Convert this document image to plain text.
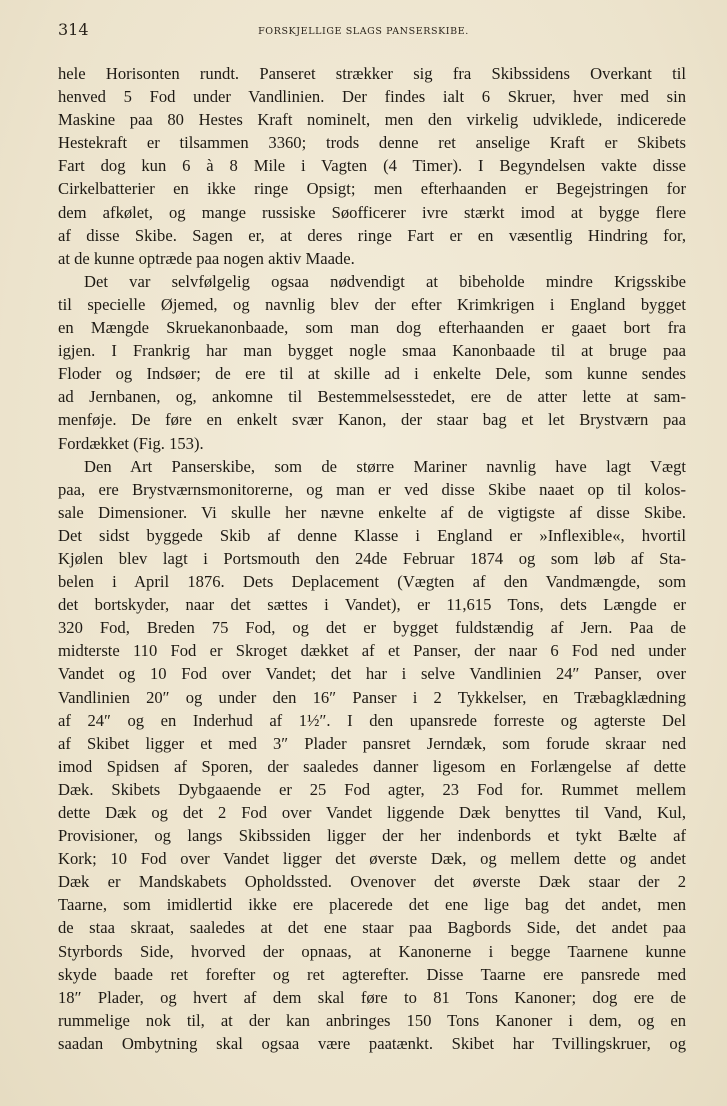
314	FORSKJELLIGE SLAGS PANSERSKIBE.
hele Horisonten rundt. Panseret strækker sig fra Skibssidens Overkant til
henved 5 Fod under Vandlinien. Der findes ialt 6 Skruer, hver med sin
Maskine paa 80 Hestes Kraft nominelt, men den virkelig udviklede, indicerede
Hestekraft er tilsammen 3360; trods denne ret anselige Kraft er Skibets
Fart dog kun 6 à 8 Mile i Vagten (4 Timer). I Begyndelsen vakte disse
Cirkelbatterier en ikke ringe Opsigt; men efterhaanden er Begejstringen for
dem afkølet, og mange russiske Søofficerer ivre stærkt imod at bygge flere
af disse Skibe. Sagen er, at deres ringe Fart er en væsentlig Hindring for,
at de kunne optræde paa nogen aktiv Maade.
Det var selvfølgelig ogsaa nødvendigt at bibeholde mindre Krigsskibe
til specielle Øjemed, og navnlig blev der efter Krimkrigen i England bygget
en Mængde Skruekanonbaade, som man dog efterhaanden er gaaet bort fra
igjen. I Frankrig har man bygget nogle smaa Kanonbaade til at bruge paa
Floder og Indsøer; de ere til at skille ad i enkelte Dele, som kunne sendes
ad Jernbanen, og, ankomne til Bestemmelsesstedet, ere de atter lette at sam-
menføje. De føre en enkelt svær Kanon, der staar bag et let Brystværn paa
Fordækket (Fig. 153).
Den Art Panserskibe, som de større Mariner navnlig have lagt Vægt
paa, ere Brystværnsmonitorerne, og man er ved disse Skibe naaet op til kolos-
sale Dimensioner. Vi skulle her nævne enkelte af de vigtigste af disse Skibe.
Det sidst byggede Skib af denne Klasse i England er »Inflexible«, hvortil
Kjølen blev lagt i Portsmouth den 24de Februar 1874 og som løb af Sta-
belen i April 1876. Dets Deplacement (Vægten af den Vandmængde, som
det bortskyder, naar det sættes i Vandet), er 11,615 Tons, dets Længde er
320 Fod, Breden 75 Fod, og det er bygget fuldstændig af Jern. Paa de
midterste 110 Fod er Skroget dækket af et Panser, der naar 6 Fod ned under
Vandet og 10 Fod over Vandet; det har i selve Vandlinien 24″ Panser, over
Vandlinien 20″ og under den 16″ Panser i 2 Tykkelser, en Træbagklædning
af 24″ og en Inderhud af 1½″. I den upansrede forreste og agterste Del
af Skibet ligger et med 3″ Plader pansret Jerndæk, som forude skraar ned
imod Spidsen af Sporen, der saaledes danner ligesom en Forlængelse af dette
Dæk. Skibets Dybgaaende er 25 Fod agter, 23 Fod for. Rummet mellem
dette Dæk og det 2 Fod over Vandet liggende Dæk benyttes til Vand, Kul,
Provisioner, og langs Skibssiden ligger der her indenbords et tykt Bælte af
Kork; 10 Fod over Vandet ligger det øverste Dæk, og mellem dette og andet
Dæk er Mandskabets Opholdssted. Ovenover det øverste Dæk staar der 2
Taarne, som imidlertid ikke ere placerede det ene lige bag det andet, men
de staa skraat, saaledes at det ene staar paa Bagbords Side, det andet paa
Styrbords Side, hvorved der opnaas, at Kanonerne i begge Taarnene kunne
skyde baade ret forefter og ret agterefter. Disse Taarne ere pansrede med
18″ Plader, og hvert af dem skal føre to 81 Tons Kanoner; dog ere de
rummelige nok til, at der kan anbringes 150 Tons Kanoner i dem, og en
saadan Ombytning skal ogsaa være paatænkt. Skibet har Tvillingskruer, og
